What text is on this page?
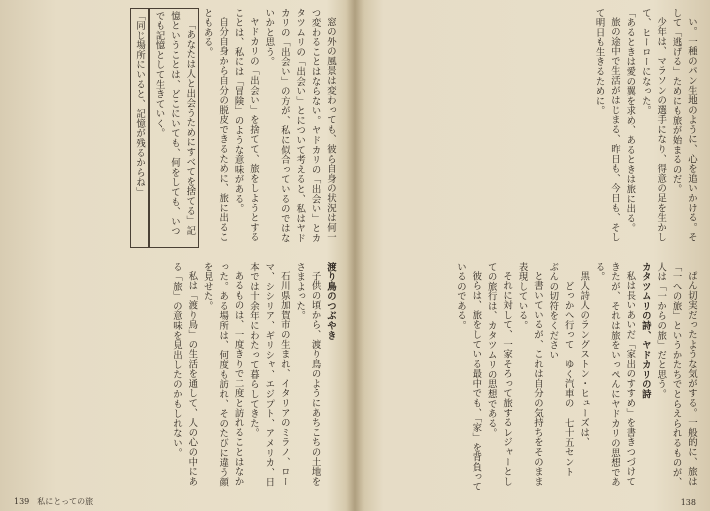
窓の外の風景は変わっても、彼ら自身の状況は何一つ変わることはならない。ヤドカリの「出会い」とカタツムリの「出会い」とについて考えると、私はヤドカリの「出会い」の方が、私に似合っているのではないかと思う。

ヤドカリの「出会い」を捨てて、旅をしようとすることは、私には「冒険」のような意味がある。

自分自身から自分の脱皮できるために、旅に出ることもある。

「あなたは人と出会うためにすべてを捨てる」記憶ということは、どこにいても、何をしても、いつでも記憶として生きていく。

「同じ場所にいると、記憶が残るからね」

渡り鳥のつぶやき

子供の頃から、渡り鳥のようにあちこちの土地をさまよった。

石川県加賀市の生まれ、イタリアのミラノ、ローマ、シシリア、ギリシャ、エジプト、アメリカ、日本では十余年にわたって暮らしてきた。

あるものは、一度きりで二度と訪れることはなかった。ある場所は、何度も訪れ、そのたびに違う顔を見せた。

私は「渡り鳥」の生活を通して、人の心の中にある「旅」の意味を見出したのかもしれない。

139　私にとっての旅

い。一種のパン生地のように、心を追いかける。そして「逃げる」ためにも旅が始まるのだ。

少年は、マラソンの選手になり、得意の足を生かして、ヒーローになった。

「あるときは愛の翼を求め、あるときは旅に出る。

旅の途中で生活がはじまる、昨日も、今日も、そして明日も生きるために。

ぱん切実だったような気がする。一般的に、旅は「一への旅」というかたちでとらえられるものが、人は「一からの旅」だと思う。

カタツムリの詩、ヤドカリの詩

私は長いあいだ「家出のすすめ」を書きつづけてきたが、それは旅をいっぺんにヤドカリの思想である。

黒人詩人のラングストン・ヒューズは、

どっかへ行って　ゆく汽車の　七十五セント　ぶんの切符をください

と書いているが、これは自分の気持ちをそのまま表現している。

それに対して、一家そろって旅するレジャーとしての旅行は、カタツムリの思想である。

彼らは、旅をしている最中でも、「家」を背負っているのである。

138
